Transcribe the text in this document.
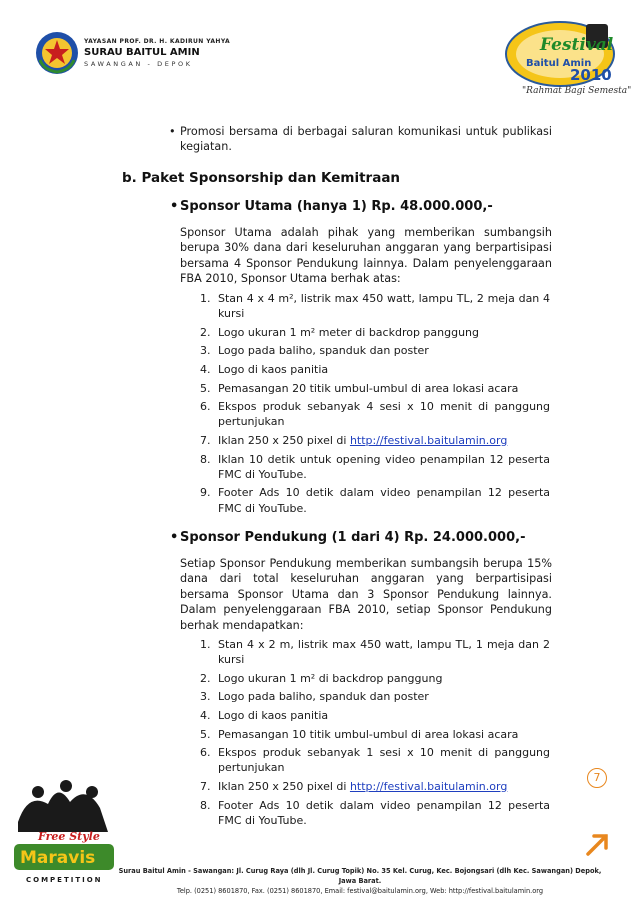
YAYASAN PROF. DR. H. KADIRUN YAHYA
SURAU BAITUL AMIN
SAWANGAN - DEPOK
Festival
Baitul Amin
2010
"Rahmat Bagi Semesta"
• Promosi bersama di berbagai saluran komunikasi untuk publikasi kegiatan.
b. Paket Sponsorship dan Kemitraan
• Sponsor Utama (hanya 1) Rp. 48.000.000,-
Sponsor Utama adalah pihak yang memberikan sumbangsih berupa 30% dana dari keseluruhan anggaran yang berpartisipasi bersama 4 Sponsor Pendukung lainnya. Dalam penyelenggaraan FBA 2010, Sponsor Utama berhak atas:
1. Stan 4 x 4 m², listrik max 450 watt, lampu TL, 2 meja dan 4 kursi
2. Logo ukuran 1 m² meter di backdrop panggung
3. Logo pada baliho, spanduk dan poster
4. Logo di kaos panitia
5. Pemasangan 20 titik umbul-umbul di area lokasi acara
6. Ekspos produk sebanyak 4 sesi x 10 menit di panggung pertunjukan
7. Iklan 250 x 250 pixel di http://festival.baitulamin.org
8. Iklan 10 detik untuk opening video penampilan 12 peserta FMC di YouTube.
9. Footer Ads 10 detik dalam video penampilan 12 peserta FMC di YouTube.
• Sponsor Pendukung (1 dari 4) Rp. 24.000.000,-
Setiap Sponsor Pendukung memberikan sumbangsih berupa 15% dana dari total keseluruhan anggaran yang berpartisipasi bersama Sponsor Utama dan 3 Sponsor Pendukung lainnya. Dalam penyelenggaraan FBA 2010, setiap Sponsor Pendukung berhak mendapatkan:
1. Stan 4 x 2 m, listrik max 450 watt, lampu TL, 1 meja dan 2 kursi
2. Logo ukuran 1 m² di backdrop panggung
3. Logo pada baliho, spanduk dan poster
4. Logo di kaos panitia
5. Pemasangan 10 titik umbul-umbul di area lokasi acara
6. Ekspos produk sebanyak 1 sesi x 10 menit di panggung pertunjukan
7. Iklan 250 x 250 pixel di http://festival.baitulamin.org
8. Footer Ads 10 detik dalam video penampilan 12 peserta FMC di YouTube.
7
Free Style
Maravis
COMPETITION
Surau Baitul Amin - Sawangan: Jl. Curug Raya (dlh Jl. Curug Topik) No. 35 Kel. Curug, Kec. Bojongsari (dlh Kec. Sawangan) Depok, Jawa Barat.
Telp. (0251) 8601870, Fax. (0251) 8601870, Email: festival@baitulamin.org, Web: http://festival.baitulamin.org
